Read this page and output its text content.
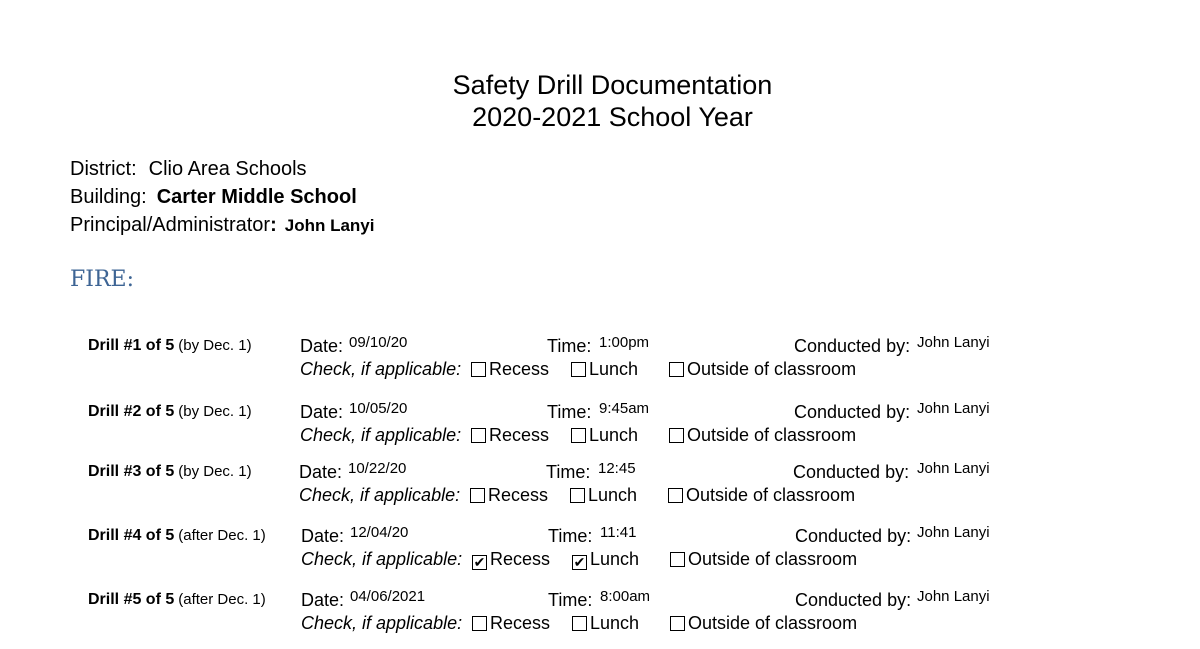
Safety Drill Documentation
2020-2021 School Year
District: Clio Area Schools
Building: Carter Middle School
Principal/Administrator: John Lanyi
FIRE:
Drill #1 of 5 (by Dec. 1)	Date: 09/10/20	Time: 1:00pm	Conducted by: John Lanyi
Check, if applicable:	Recess	Lunch	Outside of classroom
Drill #2 of 5 (by Dec. 1)	Date: 10/05/20	Time: 9:45am	Conducted by: John Lanyi
Check, if applicable:	Recess	Lunch	Outside of classroom
Drill #3 of 5 (by Dec. 1)	Date: 10/22/20	Time: 12:45	Conducted by: John Lanyi
Check, if applicable:	Recess	Lunch	Outside of classroom
Drill #4 of 5 (after Dec. 1) Date: 12/04/20	Time: 11:41	Conducted by: John Lanyi
Check, if applicable: ✔ Recess ✔ Lunch	Outside of classroom
Drill #5 of 5 (after Dec. 1) Date: 04/06/2021	Time: 8:00am	Conducted by: John Lanyi
Check, if applicable:	Recess	Lunch	Outside of classroom
